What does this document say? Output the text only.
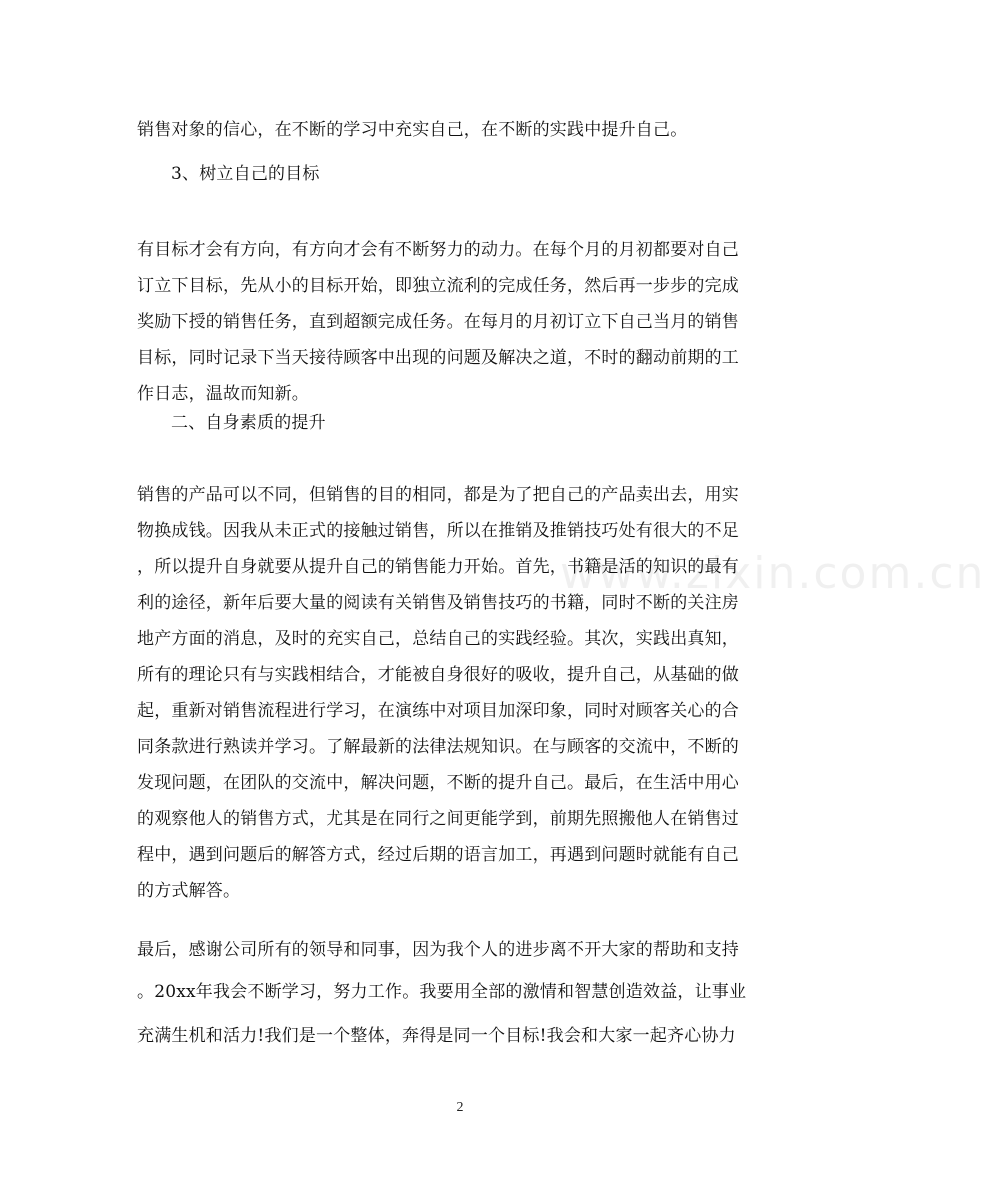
销售对象的信心，在不断的学习中充实自己，在不断的实践中提升自己。
3、树立自己的目标
有目标才会有方向，有方向才会有不断努力的动力。在每个月的月初都要对自己
订立下目标，先从小的目标开始，即独立流利的完成任务，然后再一步步的完成
奖励下授的销售任务，直到超额完成任务。在每月的月初订立下自己当月的销售
目标，同时记录下当天接待顾客中出现的问题及解决之道，不时的翻动前期的工
作日志，温故而知新。
二、自身素质的提升
销售的产品可以不同，但销售的目的相同，都是为了把自己的产品卖出去，用实
物换成钱。因我从未正式的接触过销售，所以在推销及推销技巧处有很大的不足
，所以提升自身就要从提升自己的销售能力开始。首先，书籍是活的知识的最有
利的途径，新年后要大量的阅读有关销售及销售技巧的书籍，同时不断的关注房
地产方面的消息，及时的充实自己，总结自己的实践经验。其次，实践出真知，
所有的理论只有与实践相结合，才能被自身很好的吸收，提升自己，从基础的做
起，重新对销售流程进行学习，在演练中对项目加深印象，同时对顾客关心的合
同条款进行熟读并学习。了解最新的法律法规知识。在与顾客的交流中，不断的
发现问题，在团队的交流中，解决问题，不断的提升自己。最后，在生活中用心
的观察他人的销售方式，尤其是在同行之间更能学到，前期先照搬他人在销售过
程中，遇到问题后的解答方式，经过后期的语言加工，再遇到问题时就能有自己
的方式解答。
最后，感谢公司所有的领导和同事，因为我个人的进步离不开大家的帮助和支持
。20xx年我会不断学习，努力工作。我要用全部的激情和智慧创造效益，让事业
充满生机和活力!我们是一个整体，奔得是同一个目标!我会和大家一起齐心协力
www.zixin.com.cn
2
